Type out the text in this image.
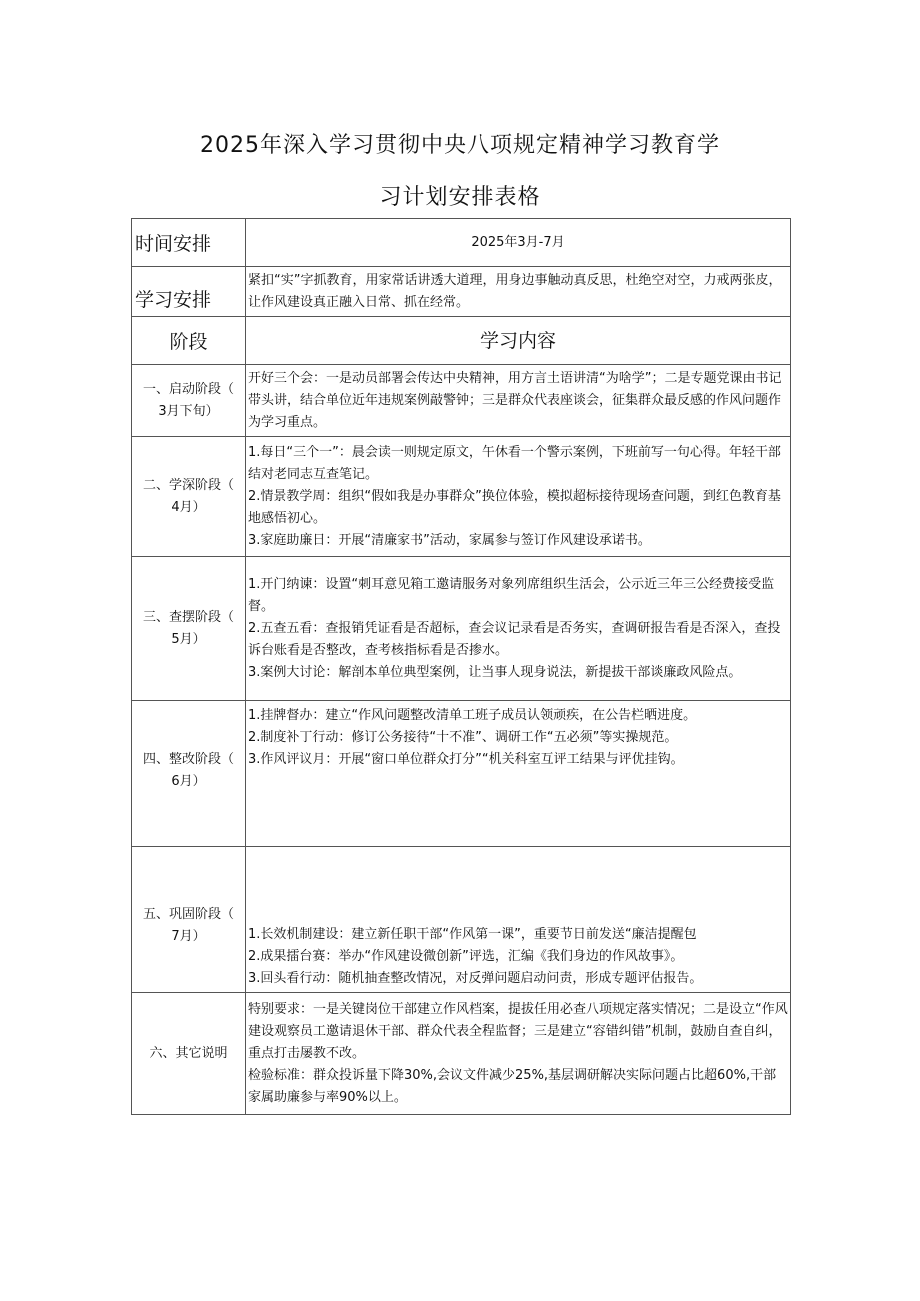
2025年深入学习贯彻中央八项规定精神学习教育学
习计划安排表格
时间安排	2025年3月-7月
学习安排	紧扣“实”字抓教育，用家常话讲透大道理，用身边事触动真反思，杜绝空对空，力戒两张皮，让作风建设真正融入日常、抓在经常。
阶段	学习内容

一、启动阶段（
3月下旬）	开好三个会：一是动员部署会传达中央精神，用方言土语讲清“为啥学”；二是专题党课由书记带头讲，结合单位近年违规案例敲警钟；三是群众代表座谈会，征集群众最反感的作风问题作为学习重点。

二、学深阶段（
4月）	1.每日“三个一”：晨会读一则规定原文，午休看一个警示案例，下班前写一句心得。年轻干部结对老同志互查笔记。
2.情景教学周：组织“假如我是办事群众”换位体验，模拟超标接待现场查问题，到红色教育基地感悟初心。
3.家庭助廉日：开展“清廉家书”活动，家属参与签订作风建设承诺书。

三、查摆阶段（
5月）	1.开门纳谏：设置“刺耳意见箱工邀请服务对象列席组织生活会，公示近三年三公经费接受监督。
2.五查五看：查报销凭证看是否超标，查会议记录看是否务实，查调研报告看是否深入，查投诉台账看是否整改，查考核指标看是否掺水。
3.案例大讨论：解剖本单位典型案例，让当事人现身说法，新提拔干部谈廉政风险点。

四、整改阶段（
6月）	1.挂牌督办：建立“作风问题整改清单工班子成员认领顽疾，在公告栏晒进度。
2.制度补丁行动：修订公务接待“十不准”、调研工作“五必须”等实操规范。
3.作风评议月：开展“窗口单位群众打分”“机关科室互评工结果与评优挂钩。

五、巩固阶段（
7月）	1.长效机制建设：建立新任职干部“作风第一课”，重要节日前发送“廉洁提醒包
2.成果擂台赛：举办“作风建设微创新”评选，汇编《我们身边的作风故事》。
3.回头看行动：随机抽查整改情况，对反弹问题启动问责，形成专题评估报告。

六、其它说明	特别要求：一是关键岗位干部建立作风档案，提拔任用必查八项规定落实情况；二是设立“作风建设观察员工邀请退休干部、群众代表全程监督；三是建立“容错纠错”机制，鼓励自查自纠，重点打击屡教不改。
检验标准：群众投诉量下降30%,会议文件减少25%,基层调研解决实际问题占比超60%,干部家属助廉参与率90%以上。
